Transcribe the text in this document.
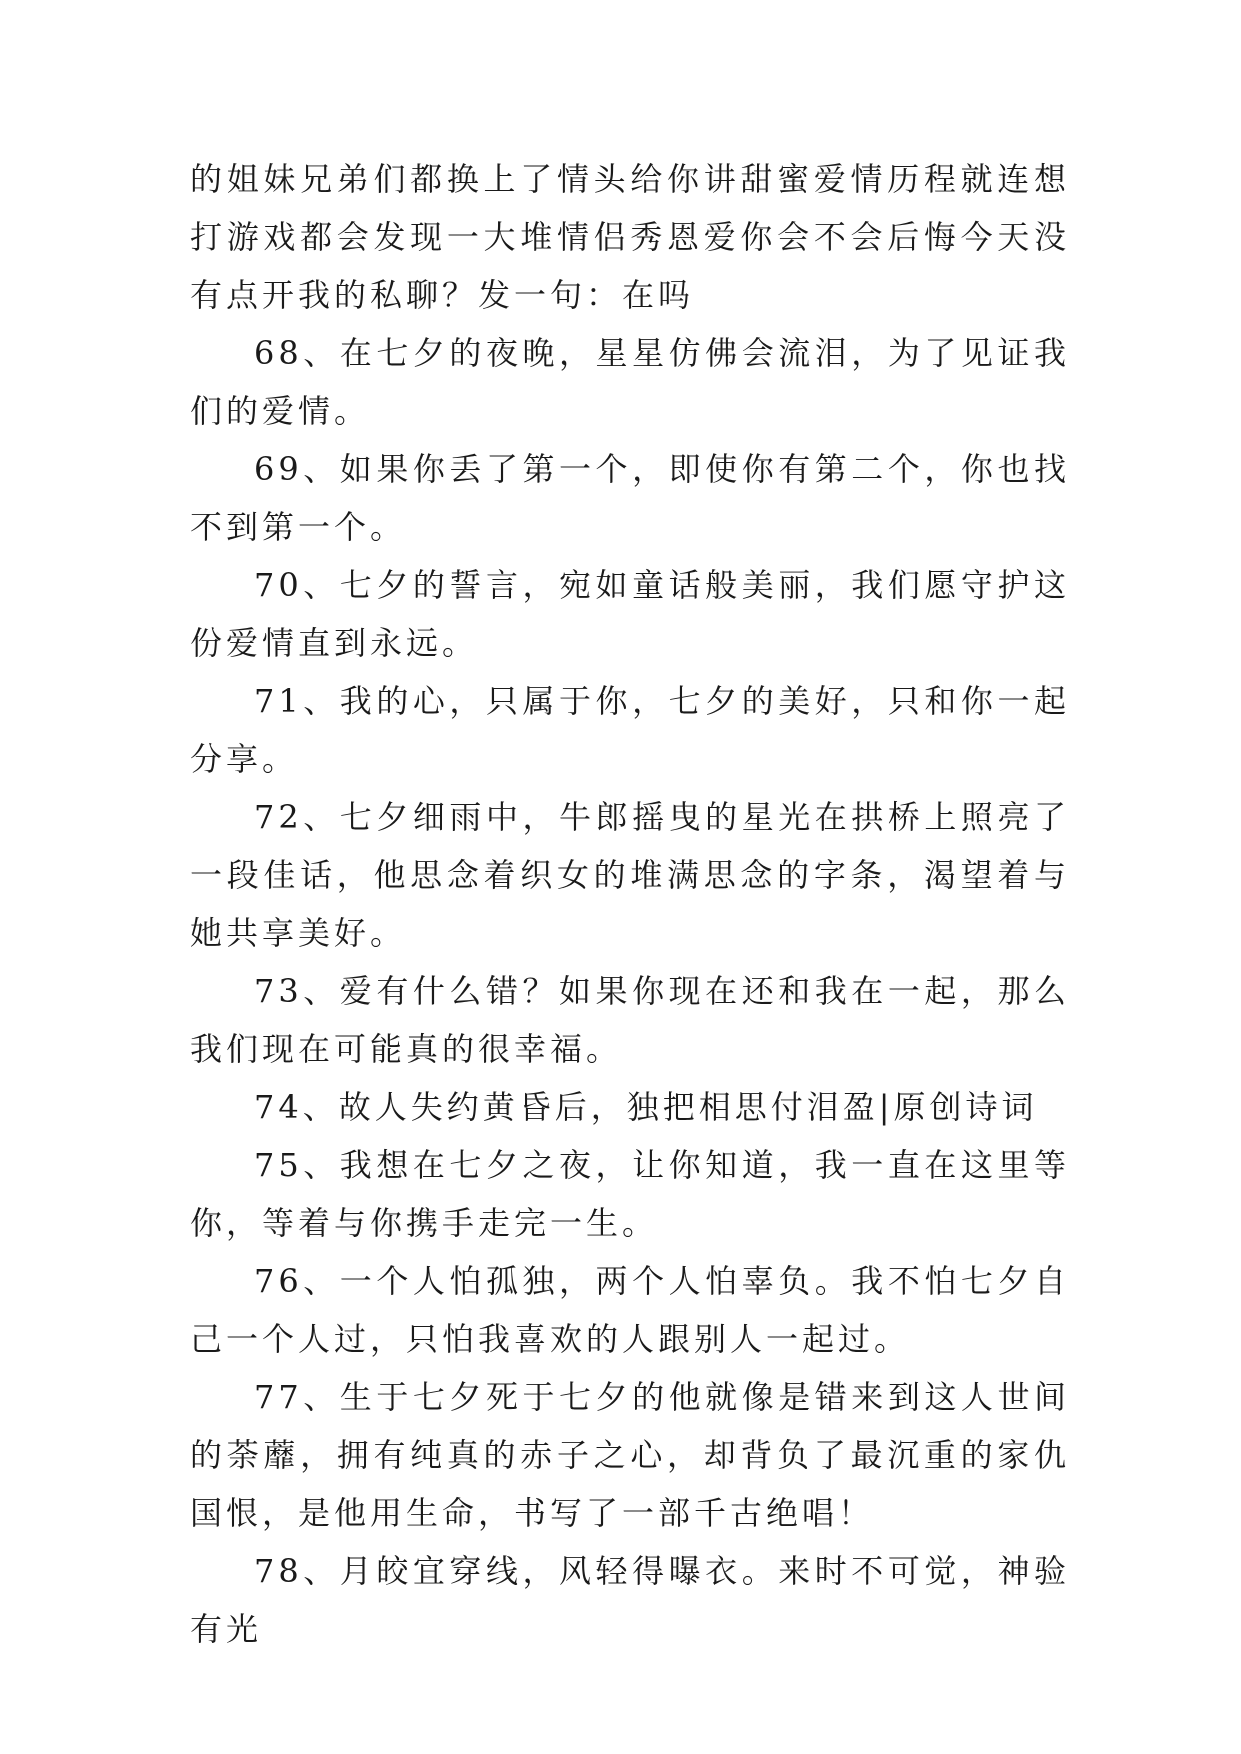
的姐妹兄弟们都换上了情头给你讲甜蜜爱情历程就连想打游戏都会发现一大堆情侣秀恩爱你会不会后悔今天没有点开我的私聊？发一句：在吗

68、在七夕的夜晚，星星仿佛会流泪，为了见证我们的爱情。

69、如果你丢了第一个，即使你有第二个，你也找不到第一个。

70、七夕的誓言，宛如童话般美丽，我们愿守护这份爱情直到永远。

71、我的心，只属于你，七夕的美好，只和你一起分享。

72、七夕细雨中，牛郎摇曳的星光在拱桥上照亮了一段佳话，他思念着织女的堆满思念的字条，渴望着与她共享美好。

73、爱有什么错？如果你现在还和我在一起，那么我们现在可能真的很幸福。

74、故人失约黄昏后，独把相思付泪盈|原创诗词

75、我想在七夕之夜，让你知道，我一直在这里等你，等着与你携手走完一生。

76、一个人怕孤独，两个人怕辜负。我不怕七夕自己一个人过，只怕我喜欢的人跟别人一起过。

77、生于七夕死于七夕的他就像是错来到这人世间的荼蘼，拥有纯真的赤子之心，却背负了最沉重的家仇国恨，是他用生命，书写了一部千古绝唱！

78、月皎宜穿线，风轻得曝衣。来时不可觉，神验有光
